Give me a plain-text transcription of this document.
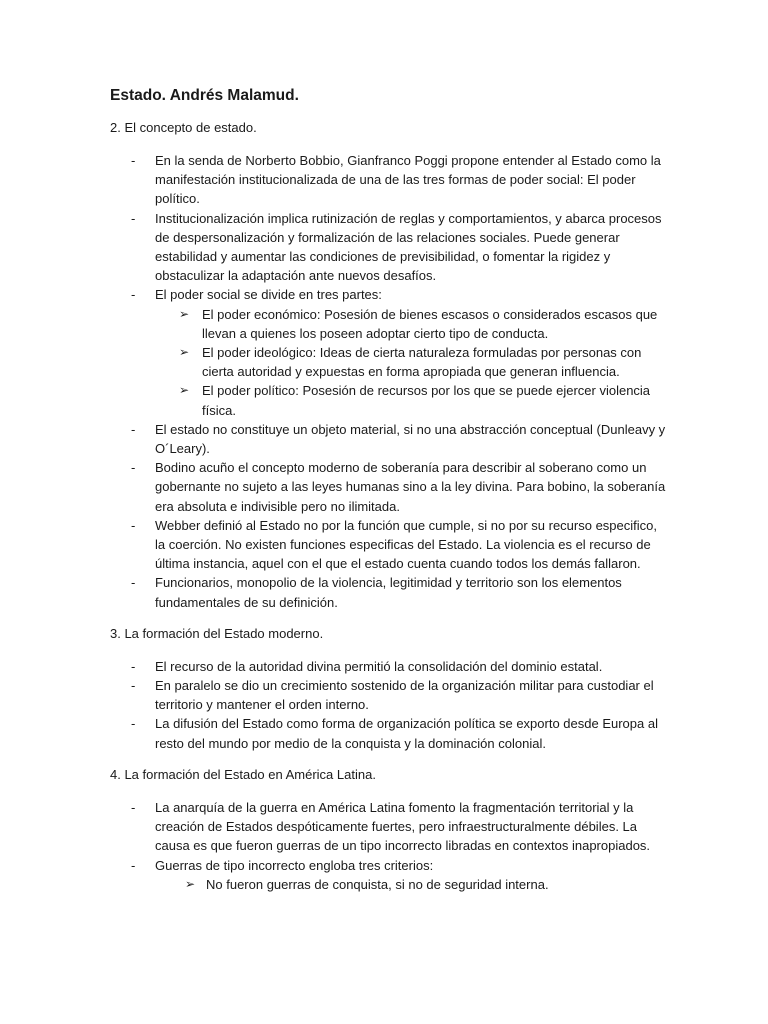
Estado. Andrés Malamud.
2. El concepto de estado.
- En la senda de Norberto Bobbio, Gianfranco Poggi propone entender al Estado como la manifestación institucionalizada de una de las tres formas de poder social: El poder político.
- Institucionalización implica rutinización de reglas y comportamientos, y abarca procesos de despersonalización y formalización de las relaciones sociales. Puede generar estabilidad y aumentar las condiciones de previsibilidad, o fomentar la rigidez y obstaculizar la adaptación ante nuevos desafíos.
- El poder social se divide en tres partes:
➢ El poder económico: Posesión de bienes escasos o considerados escasos que llevan a quienes los poseen adoptar cierto tipo de conducta.
➢ El poder ideológico: Ideas de cierta naturaleza formuladas por personas con cierta autoridad y expuestas en forma apropiada que generan influencia.
➢ El poder político: Posesión de recursos por los que se puede ejercer violencia física.
- El estado no constituye un objeto material, si no una abstracción conceptual (Dunleavy y O´Leary).
- Bodino acuño el concepto moderno de soberanía para describir al soberano como un gobernante no sujeto a las leyes humanas sino a la ley divina. Para bobino, la soberanía era absoluta e indivisible pero no ilimitada.
- Webber definió al Estado no por la función que cumple, si no por su recurso especifico, la coerción. No existen funciones especificas del Estado. La violencia es el recurso de última instancia, aquel con el que el estado cuenta cuando todos los demás fallaron.
- Funcionarios, monopolio de la violencia, legitimidad y territorio son los elementos fundamentales de su definición.
3. La formación del Estado moderno.
- El recurso de la autoridad divina permitió la consolidación del dominio estatal.
- En paralelo se dio un crecimiento sostenido de la organización militar para custodiar el territorio y mantener el orden interno.
- La difusión del Estado como forma de organización política se exporto desde Europa al resto del mundo por medio de la conquista y la dominación colonial.
4. La formación del Estado en América Latina.
- La anarquía de la guerra en América Latina fomento la fragmentación territorial y la creación de Estados despóticamente fuertes, pero infraestructuralmente débiles. La causa es que fueron guerras de un tipo incorrecto libradas en contextos inapropiados.
- Guerras de tipo incorrecto engloba tres criterios:
➢ No fueron guerras de conquista, si no de seguridad interna.
